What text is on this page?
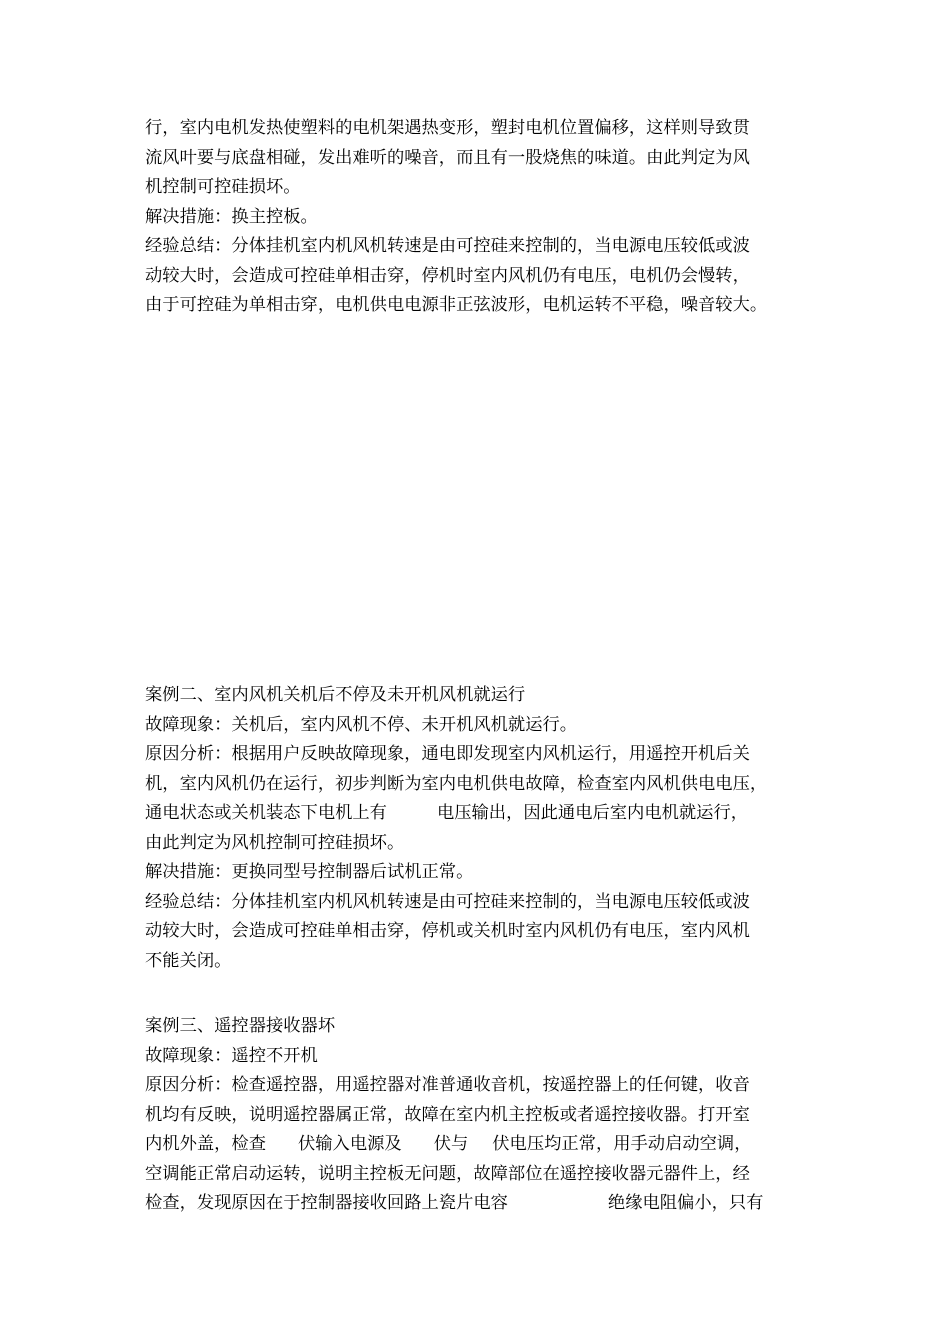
行，室内电机发热使塑料的电机架遇热变形，塑封电机位置偏移，这样则导致贯
流风叶要与底盘相碰，发出难听的噪音，而且有一股烧焦的味道。由此判定为风
机控制可控硅损坏。
解决措施：换主控板。
经验总结：分体挂机室内机风机转速是由可控硅来控制的，当电源电压较低或波
动较大时，会造成可控硅单相击穿，停机时室内风机仍有电压，电机仍会慢转，
由于可控硅为单相击穿，电机供电电源非正弦波形，电机运转不平稳，噪音较大。
案例二、室内风机关机后不停及未开机风机就运行
故障现象：关机后，室内风机不停、未开机风机就运行。
原因分析：根据用户反映故障现象，通电即发现室内风机运行，用遥控开机后关
机，室内风机仍在运行，初步判断为室内电机供电故障，检查室内风机供电电压，
通电状态或关机装态下电机上有	电压输出，因此通电后室内电机就运行，
由此判定为风机控制可控硅损坏。
解决措施：更换同型号控制器后试机正常。
经验总结：分体挂机室内机风机转速是由可控硅来控制的，当电源电压较低或波
动较大时，会造成可控硅单相击穿，停机或关机时室内风机仍有电压，室内风机
不能关闭。
案例三、遥控器接收器坏
故障现象：遥控不开机
原因分析：检查遥控器，用遥控器对准普通收音机，按遥控器上的任何键，收音
机均有反映，说明遥控器属正常，故障在室内机主控板或者遥控接收器。打开室
内机外盖，检查 伏输入电源及 伏与 伏电压均正常，用手动启动空调，
空调能正常启动运转，说明主控板无问题，故障部位在遥控接收器元器件上，经
检查，发现原因在于控制器接收回路上瓷片电容	绝缘电阻偏小，只有
